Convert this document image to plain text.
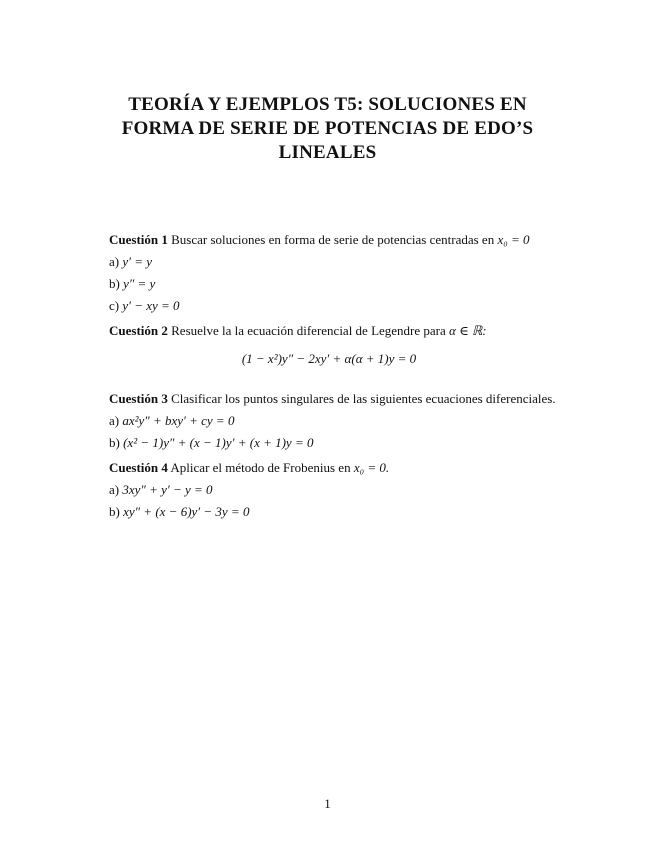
TEORÍA Y EJEMPLOS T5: SOLUCIONES EN
FORMA DE SERIE DE POTENCIAS DE EDO’S
LINEALES
Cuestión 1 Buscar soluciones en forma de serie de potencias centradas en x₀ = 0
a) y′ = y
b) y″ = y
c) y′ − xy = 0
Cuestión 2 Resuelve la la ecuación diferencial de Legendre para α ∈ ℝ:
(1 − x²)y″ − 2xy′ + α(α + 1)y = 0
Cuestión 3 Clasificar los puntos singulares de las siguientes ecuaciones diferenciales.
a) ax²y″ + bxy′ + cy = 0
b) (x² − 1)y″ + (x − 1)y′ + (x + 1)y = 0
Cuestión 4 Aplicar el método de Frobenius en x₀ = 0.
a) 3xy″ + y′ − y = 0
b) xy″ + (x − 6)y′ − 3y = 0
1
